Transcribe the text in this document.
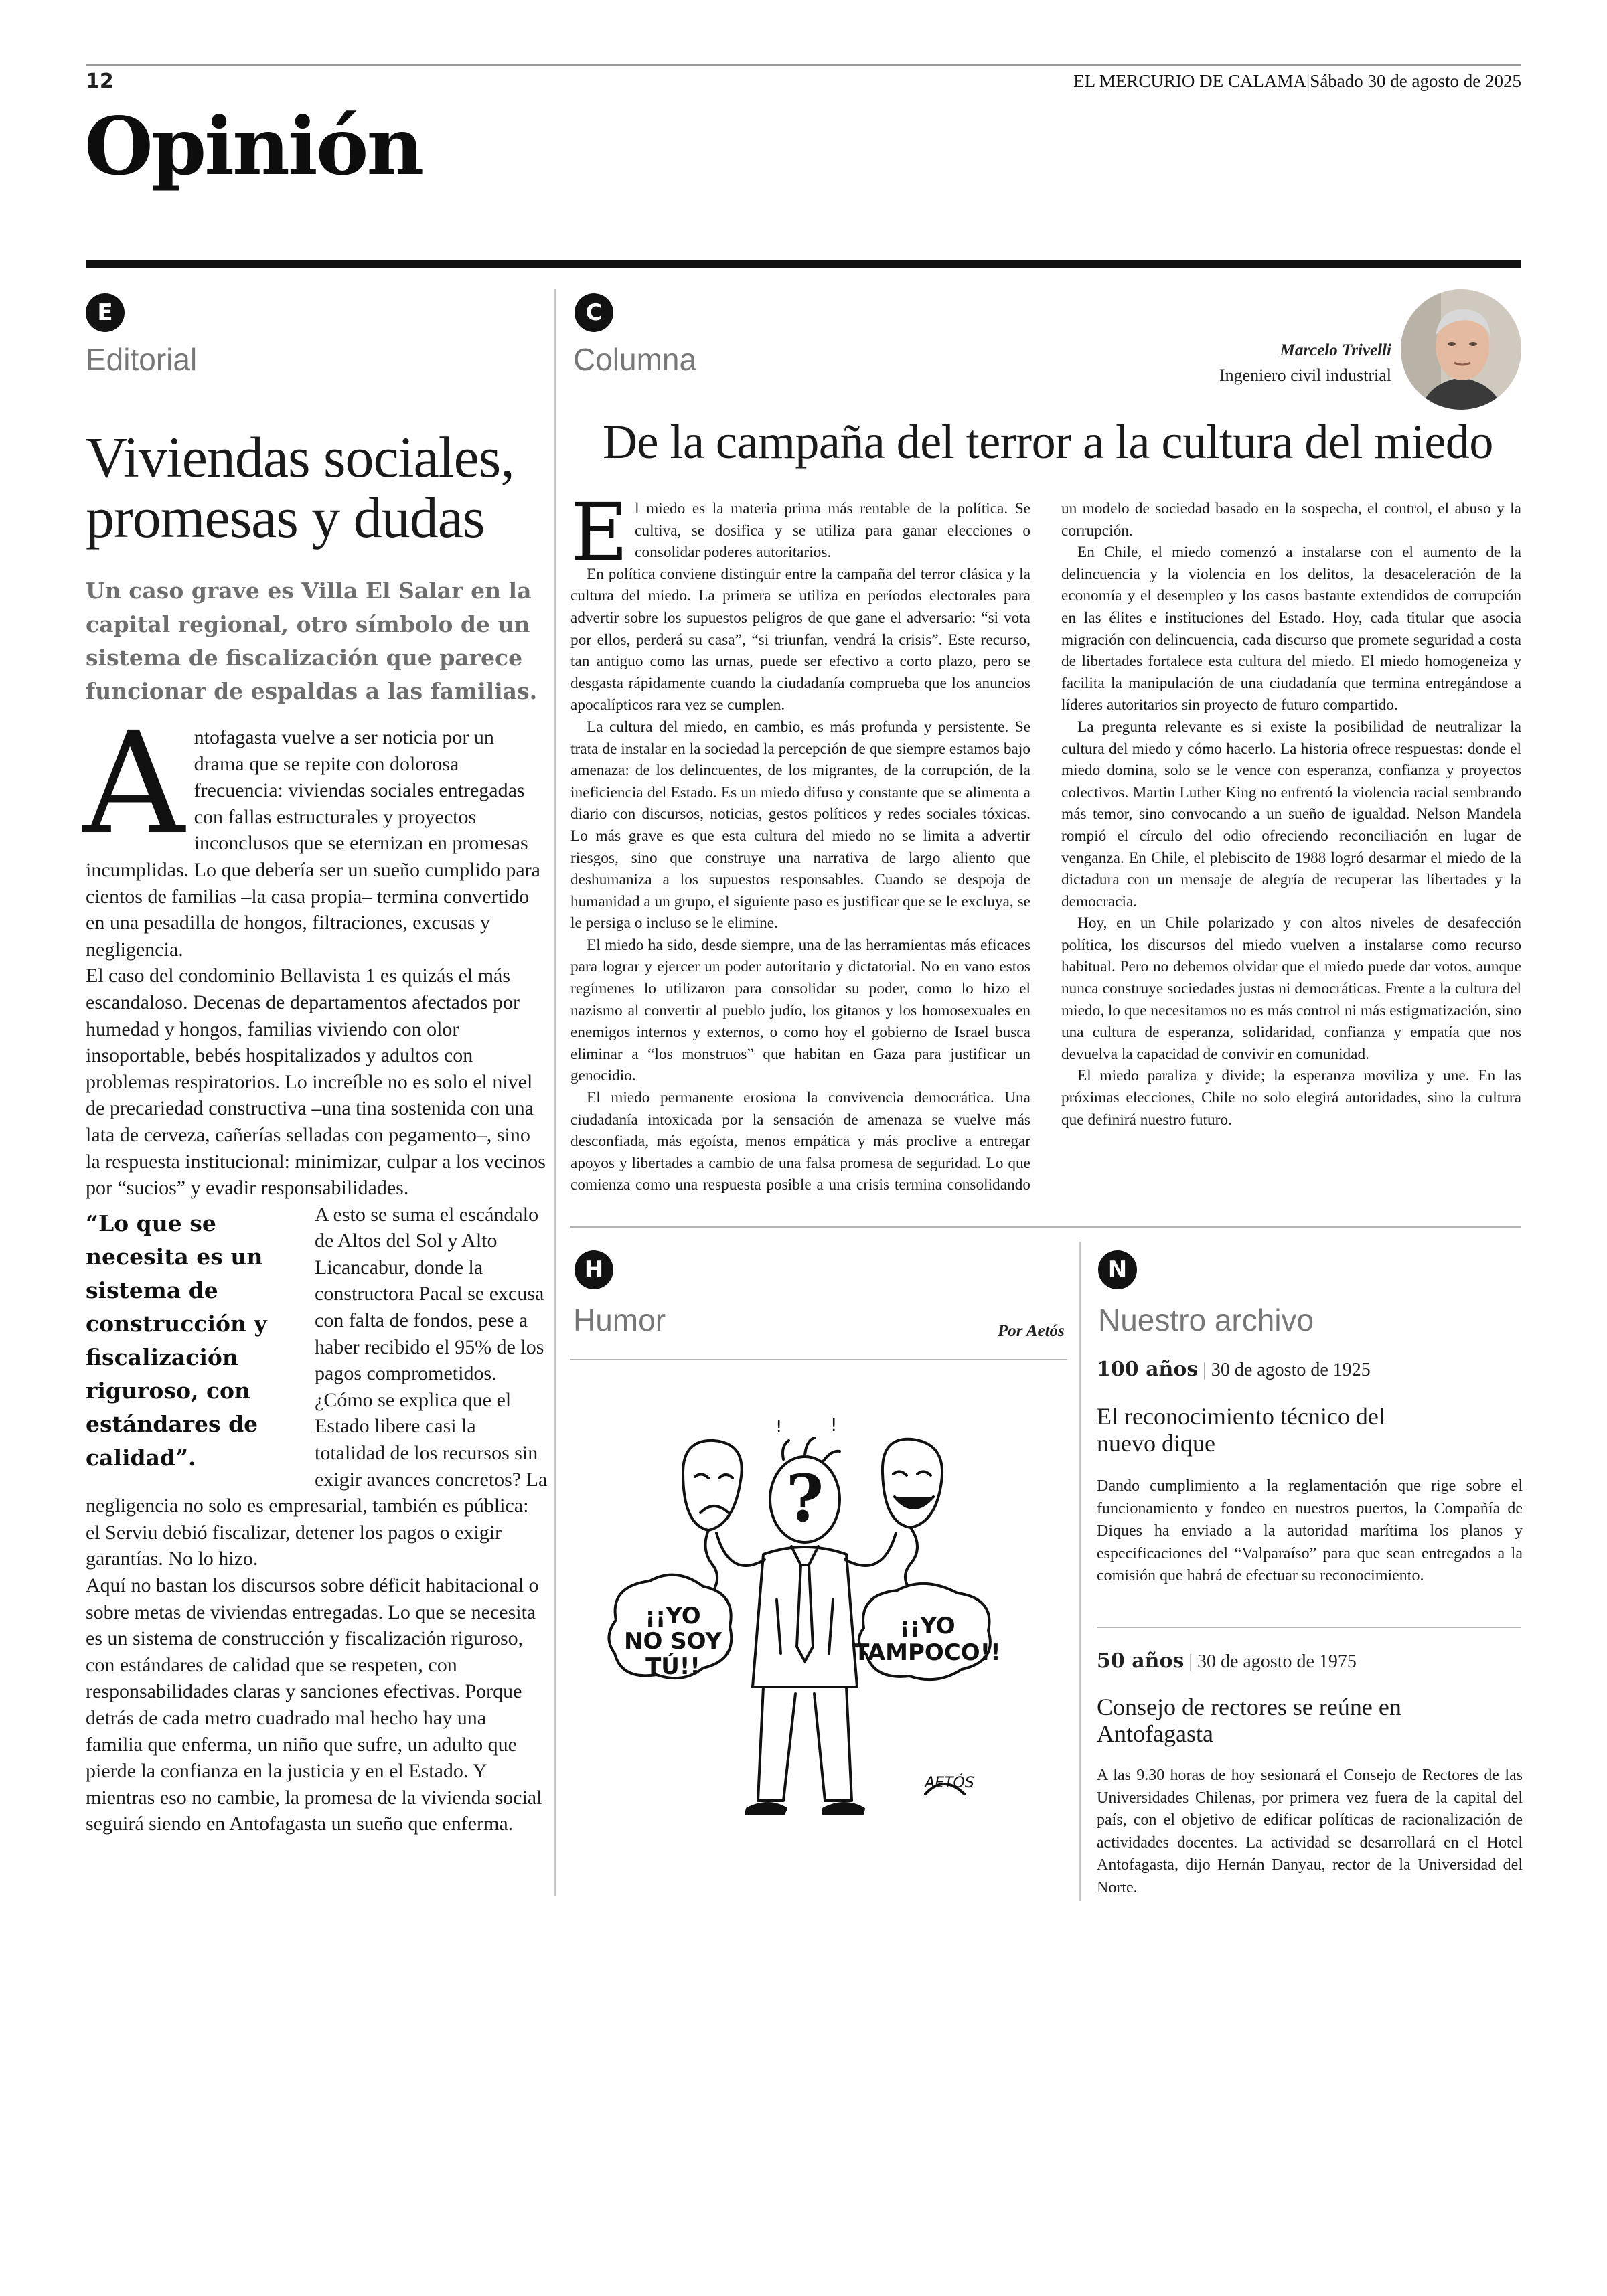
12	EL MERCURIO DE CALAMA|Sábado 30 de agosto de 2025
Opinión
E
Editorial
Viviendas sociales, promesas y dudas
Un caso grave es Villa El Salar en la capital regional, otro símbolo de un sistema de fiscalización que parece funcionar de espaldas a las familias.

Antofagasta vuelve a ser noticia por un drama que se repite con dolorosa frecuencia: viviendas sociales entregadas con fallas estructurales y proyectos inconclusos que se eternizan en promesas incumplidas. Lo que debería ser un sueño cumplido para cientos de familias –la casa propia– termina convertido en una pesadilla de hongos, filtraciones, excusas y negligencia.

El caso del condominio Bellavista 1 es quizás el más escandaloso. Decenas de departamentos afectados por humedad y hongos, familias viviendo con olor insoportable, bebés hospitalizados y adultos con problemas respiratorios. Lo increíble no es solo el nivel de precariedad constructiva –una tina sostenida con una lata de cerveza, cañerías selladas con pegamento–, sino la respuesta institucional: minimizar, culpar a los vecinos por “sucios” y evadir responsabilidades.

“Lo que se necesita es un sistema de construcción y fiscalización riguroso, con estándares de calidad”.
A esto se suma el escándalo de Altos del Sol y Alto Licancabur, donde la constructora Pacal se excusa con falta de fondos, pese a haber recibido el 95% de los pagos comprometidos. ¿Cómo se explica que el Estado libere casi la totalidad de los recursos sin exigir avances concretos? La negligencia no solo es empresarial, también es pública: el Serviu debió fiscalizar, detener los pagos o exigir garantías. No lo hizo.

Aquí no bastan los discursos sobre déficit habitacional o sobre metas de viviendas entregadas. Lo que se necesita es un sistema de construcción y fiscalización riguroso, con estándares de calidad que se respeten, con responsabilidades claras y sanciones efectivas. Porque detrás de cada metro cuadrado mal hecho hay una familia que enferma, un niño que sufre, un adulto que pierde la confianza en la justicia y en el Estado. Y mientras eso no cambie, la promesa de la vivienda social seguirá siendo en Antofagasta un sueño que enferma.

C
Columna	Marcelo Trivelli
Ingeniero civil industrial
De la campaña del terror a la cultura del miedo

El miedo es la materia prima más rentable de la política. Se cultiva, se dosifica y se utiliza para ganar elecciones o consolidar poderes autoritarios.

En política conviene distinguir entre la campaña del terror clásica y la cultura del miedo. La primera se utiliza en períodos electorales para advertir sobre los supuestos peligros de que gane el adversario: “si vota por ellos, perderá su casa”, “si triunfan, vendrá la crisis”. Este recurso, tan antiguo como las urnas, puede ser efectivo a corto plazo, pero se desgasta rápidamente cuando la ciudadanía comprueba que los anuncios apocalípticos rara vez se cumplen.

La cultura del miedo, en cambio, es más profunda y persistente. Se trata de instalar en la sociedad la percepción de que siempre estamos bajo amenaza: de los delincuentes, de los migrantes, de la corrupción, de la ineficiencia del Estado. Es un miedo difuso y constante que se alimenta a diario con discursos, noticias, gestos políticos y redes sociales tóxicas. Lo más grave es que esta cultura del miedo no se limita a advertir riesgos, sino que construye una narrativa de largo aliento que deshumaniza a los supuestos responsables. Cuando se despoja de humanidad a un grupo, el siguiente paso es justificar que se le excluya, se le persiga o incluso se le elimine.

El miedo ha sido, desde siempre, una de las herramientas más eficaces para lograr y ejercer un poder autoritario y dictatorial. No en vano estos regímenes lo utilizaron para consolidar su poder, como lo hizo el nazismo al convertir al pueblo judío, los gitanos y los homosexuales en enemigos internos y externos, o como hoy el gobierno de Israel busca eliminar a “los monstruos” que habitan en Gaza para justificar un genocidio.

El miedo permanente erosiona la convivencia democrática. Una ciudadanía intoxicada por la sensación de amenaza se vuelve más desconfiada, más egoísta, menos empática y más proclive a entregar apoyos y libertades a cambio de una falsa promesa de seguridad. Lo que comienza como una respuesta posible a una crisis termina consolidando un modelo de sociedad basado en la sospecha, el control, el abuso y la corrupción.

En Chile, el miedo comenzó a instalarse con el aumento de la delincuencia y la violencia en los delitos, la desaceleración de la economía y el desempleo y los casos bastante extendidos de corrupción en las élites e instituciones del Estado. Hoy, cada titular que asocia migración con delincuencia, cada discurso que promete seguridad a costa de libertades fortalece esta cultura del miedo. El miedo homogeneiza y facilita la manipulación de una ciudadanía que termina entregándose a líderes autoritarios sin proyecto de futuro compartido.

La pregunta relevante es si existe la posibilidad de neutralizar la cultura del miedo y cómo hacerlo. La historia ofrece respuestas: donde el miedo domina, solo se le vence con esperanza, confianza y proyectos colectivos. Martin Luther King no enfrentó la violencia racial sembrando más temor, sino convocando a un sueño de igualdad. Nelson Mandela rompió el círculo del odio ofreciendo reconciliación en lugar de venganza. En Chile, el plebiscito de 1988 logró desarmar el miedo de la dictadura con un mensaje de alegría de recuperar las libertades y la democracia.

Hoy, en un Chile polarizado y con altos niveles de desafección política, los discursos del miedo vuelven a instalarse como recurso habitual. Pero no debemos olvidar que el miedo puede dar votos, aunque nunca construye sociedades justas ni democráticas. Frente a la cultura del miedo, lo que necesitamos no es más control ni más estigmatización, sino una cultura de esperanza, solidaridad, confianza y empatía que nos devuelva la capacidad de convivir en comunidad.

El miedo paraliza y divide; la esperanza moviliza y une. En las próximas elecciones, Chile no solo elegirá autoridades, sino la cultura que definirá nuestro futuro.

H
Humor	Por Aetós
?
!	!
¡¡YO NO SOY TÚ!!
¡¡YO TAMPOCO!!
AETÓS
N
Nuestro archivo
100 años | 30 de agosto de 1925
El reconocimiento técnico del nuevo dique
Dando cumplimiento a la reglamentación que rige sobre el funcionamiento y fondeo en nuestros puertos, la Compañía de Diques ha enviado a la autoridad marítima los planos y especificaciones del “Valparaíso” para que sean entregados a la comisión que habrá de efectuar su reconocimiento.
50 años | 30 de agosto de 1975
Consejo de rectores se reúne en Antofagasta
A las 9.30 horas de hoy sesionará el Consejo de Rectores de las Universidades Chilenas, por primera vez fuera de la capital del país, con el objetivo de edificar políticas de racionalización de actividades docentes. La actividad se desarrollará en el Hotel Antofagasta, dijo Hernán Danyau, rector de la Universidad del Norte.
